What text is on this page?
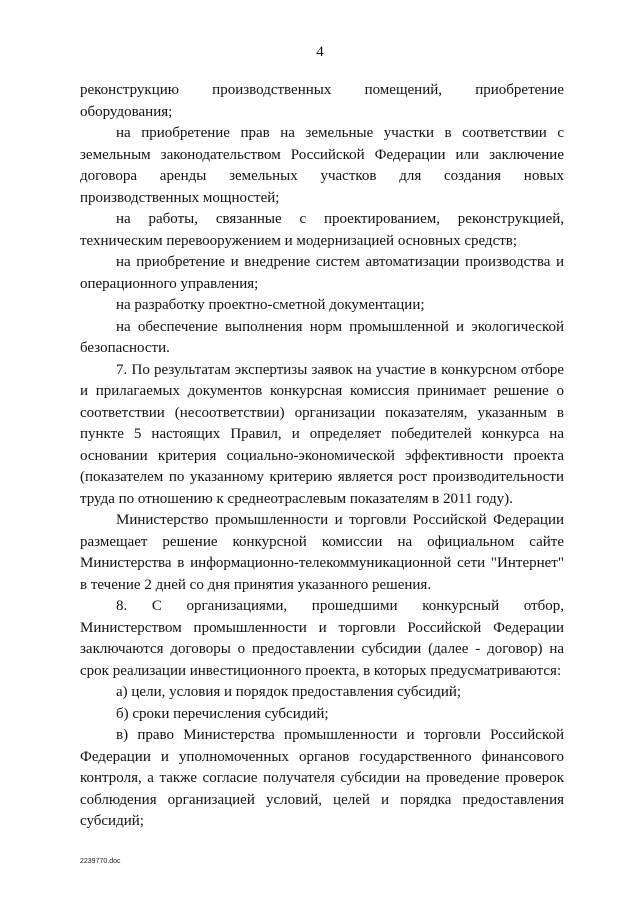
4

реконструкцию производственных помещений, приобретение оборудования;

на приобретение прав на земельные участки в соответствии с земельным законодательством Российской Федерации или заключение договора аренды земельных участков для создания новых производственных мощностей;

на работы, связанные с проектированием, реконструкцией, техническим перевооружением и модернизацией основных средств;

на приобретение и внедрение систем автоматизации производства и операционного управления;

на разработку проектно-сметной документации;

на обеспечение выполнения норм промышленной и экологической безопасности.

7. По результатам экспертизы заявок на участие в конкурсном отборе и прилагаемых документов конкурсная комиссия принимает решение о соответствии (несоответствии) организации показателям, указанным в пункте 5 настоящих Правил, и определяет победителей конкурса на основании критерия социально-экономической эффективности проекта (показателем по указанному критерию является рост производительности труда по отношению к среднеотраслевым показателям в 2011 году).

Министерство промышленности и торговли Российской Федерации размещает решение конкурсной комиссии на официальном сайте Министерства в информационно-телекоммуникационной сети "Интернет" в течение 2 дней со дня принятия указанного решения.

8. С организациями, прошедшими конкурсный отбор, Министерством промышленности и торговли Российской Федерации заключаются договоры о предоставлении субсидии (далее - договор) на срок реализации инвестиционного проекта, в которых предусматриваются:

а) цели, условия и порядок предоставления субсидий;

б) сроки перечисления субсидий;

в) право Министерства промышленности и торговли Российской Федерации и уполномоченных органов государственного финансового контроля, а также согласие получателя субсидии на проведение проверок соблюдения организацией условий, целей и порядка предоставления субсидий;

2239770.doc
